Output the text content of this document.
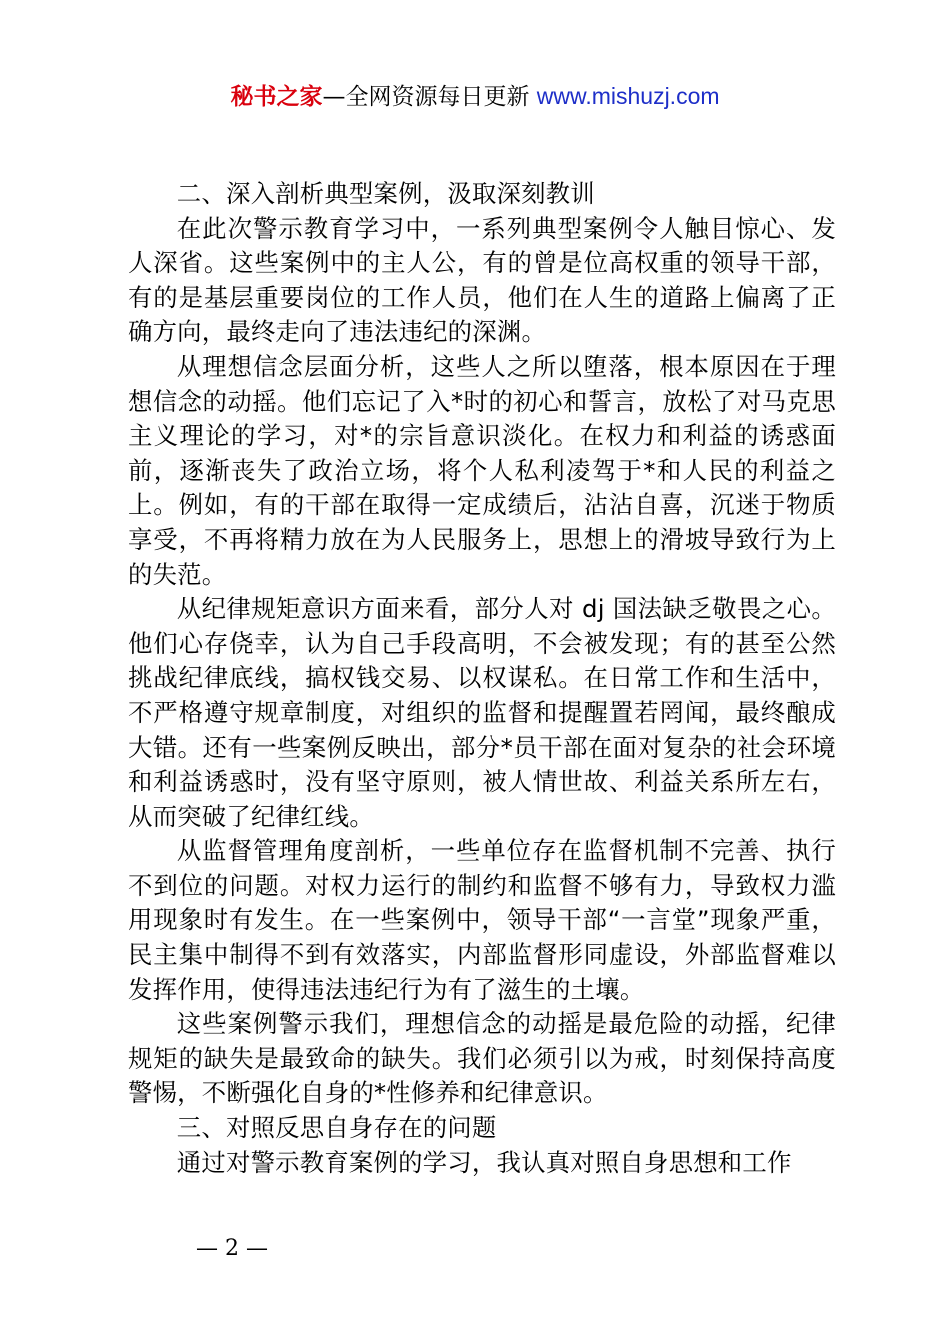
秘书之家—全网资源每日更新 www.mishuzj.com

二、深入剖析典型案例，汲取深刻教训

在此次警示教育学习中，一系列典型案例令人触目惊心、发人深省。这些案例中的主人公，有的曾是位高权重的领导干部，有的是基层重要岗位的工作人员，他们在人生的道路上偏离了正确方向，最终走向了违法违纪的深渊。

从理想信念层面分析，这些人之所以堕落，根本原因在于理想信念的动摇。他们忘记了入*时的初心和誓言，放松了对马克思主义理论的学习，对*的宗旨意识淡化。在权力和利益的诱惑面前，逐渐丧失了政治立场，将个人私利凌驾于*和人民的利益之上。例如，有的干部在取得一定成绩后，沾沾自喜，沉迷于物质享受，不再将精力放在为人民服务上，思想上的滑坡导致行为上的失范。

从纪律规矩意识方面来看，部分人对 dj 国法缺乏敬畏之心。他们心存侥幸，认为自己手段高明，不会被发现；有的甚至公然挑战纪律底线，搞权钱交易、以权谋私。在日常工作和生活中，不严格遵守规章制度，对组织的监督和提醒置若罔闻，最终酿成大错。还有一些案例反映出，部分*员干部在面对复杂的社会环境和利益诱惑时，没有坚守原则，被人情世故、利益关系所左右，从而突破了纪律红线。

从监督管理角度剖析，一些单位存在监督机制不完善、执行不到位的问题。对权力运行的制约和监督不够有力，导致权力滥用现象时有发生。在一些案例中，领导干部“一言堂”现象严重，民主集中制得不到有效落实，内部监督形同虚设，外部监督难以发挥作用，使得违法违纪行为有了滋生的土壤。

这些案例警示我们，理想信念的动摇是最危险的动摇，纪律规矩的缺失是最致命的缺失。我们必须引以为戒，时刻保持高度警惕，不断强化自身的*性修养和纪律意识。

三、对照反思自身存在的问题

通过对警示教育案例的学习，我认真对照自身思想和工作

— 2 —
